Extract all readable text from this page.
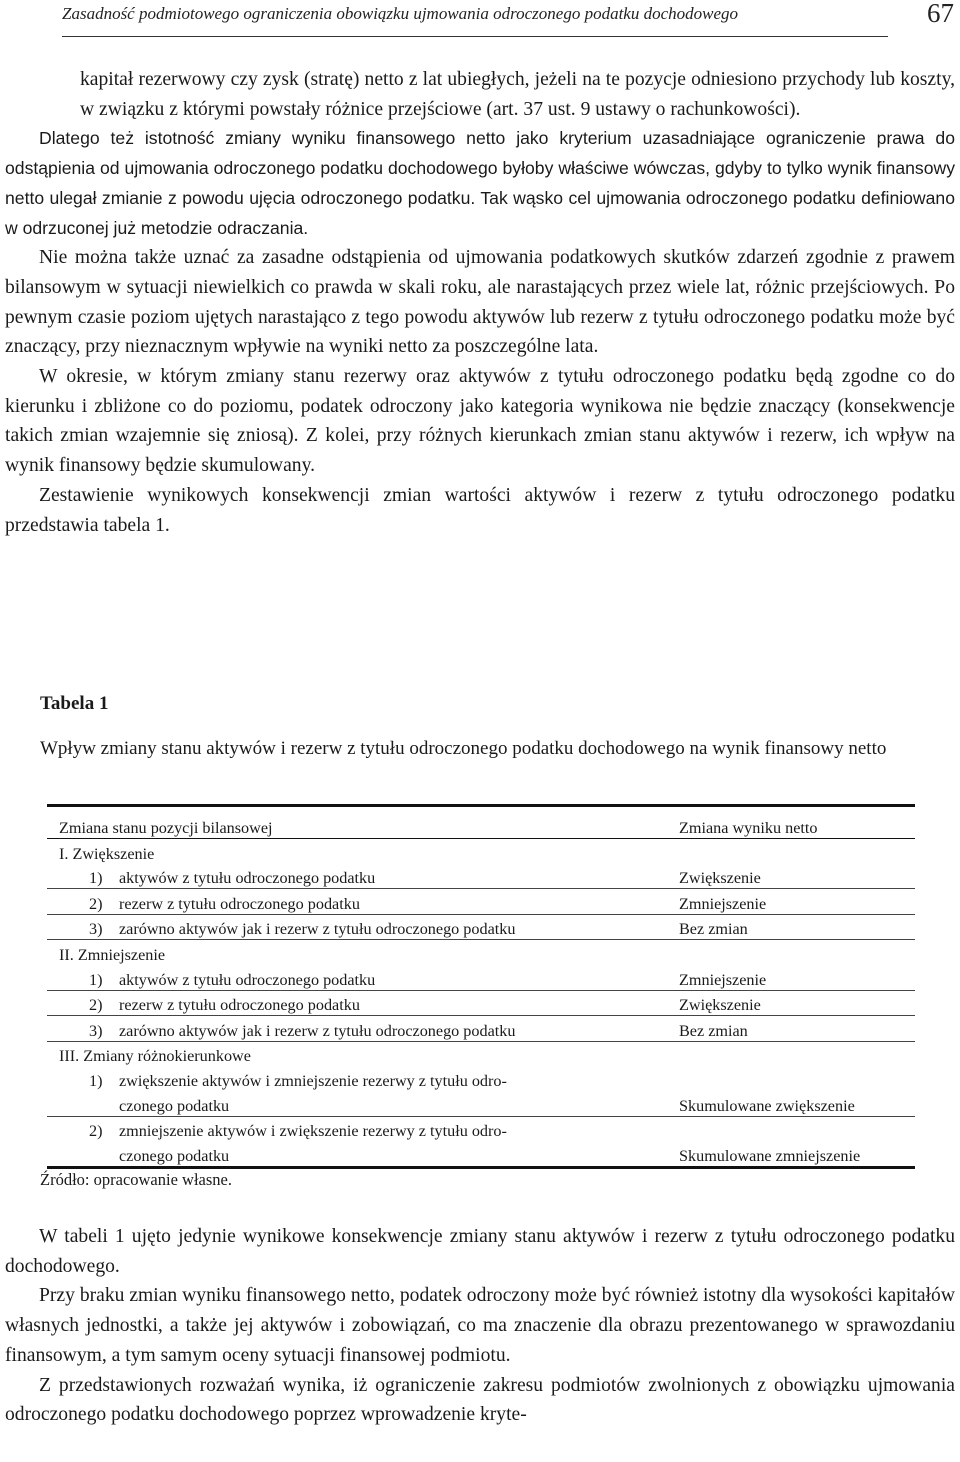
Zasadność podmiotowego ograniczenia obowiązku ujmowania odroczonego podatku dochodowego	67

kapitał rezerwowy czy zysk (stratę) netto z lat ubiegłych, jeżeli na te pozycje odniesiono przychody lub koszty, w związku z którymi powstały różnice przejściowe (art. 37 ust. 9 ustawy o rachunkowości).

Dlatego też istotność zmiany wyniku finansowego netto jako kryterium uzasadniające ograniczenie prawa do odstąpienia od ujmowania odroczonego podatku dochodowego byłoby właściwe wówczas, gdyby to tylko wynik finansowy netto ulegał zmianie z powodu ujęcia odroczonego podatku. Tak wąsko cel ujmowania odroczonego podatku definiowano w odrzuconej już metodzie odraczania.

Nie można także uznać za zasadne odstąpienia od ujmowania podatkowych skutków zdarzeń zgodnie z prawem bilansowym w sytuacji niewielkich co prawda w skali roku, ale narastających przez wiele lat, różnic przejściowych. Po pewnym czasie poziom ujętych narastająco z tego powodu aktywów lub rezerw z tytułu odroczonego podatku może być znaczący, przy nieznacznym wpływie na wyniki netto za poszczególne lata.

W okresie, w którym zmiany stanu rezerwy oraz aktywów z tytułu odroczonego podatku będą zgodne co do kierunku i zbliżone co do poziomu, podatek odroczony jako kategoria wynikowa nie będzie znaczący (konsekwencje takich zmian wzajemnie się zniosą). Z kolei, przy różnych kierunkach zmian stanu aktywów i rezerw, ich wpływ na wynik finansowy będzie skumulowany.

Zestawienie wynikowych konsekwencji zmian wartości aktywów i rezerw z tytułu odroczonego podatku przedstawia tabela 1.

Tabela 1
Wpływ zmiany stanu aktywów i rezerw z tytułu odroczonego podatku dochodowego na wynik finansowy netto
Zmiana stanu pozycji bilansowej	Zmiana wyniku netto
I. Zwiększenie	
1) aktywów z tytułu odroczonego podatku	Zwiększenie
2) rezerw z tytułu odroczonego podatku	Zmniejszenie
3) zarówno aktywów jak i rezerw z tytułu odroczonego podatku	Bez zmian
II. Zmniejszenie	
1) aktywów z tytułu odroczonego podatku	Zmniejszenie
2) rezerw z tytułu odroczonego podatku	Zwiększenie
3) zarówno aktywów jak i rezerw z tytułu odroczonego podatku	Bez zmian
III. Zmiany różnokierunkowe	
1) zwiększenie aktywów i zmniejszenie rezerwy z tytułu odro-	
czonego podatku	Skumulowane zwiększenie
2) zmniejszenie aktywów i zwiększenie rezerwy z tytułu odro-	
czonego podatku	Skumulowane zmniejszenie
Źródło: opracowanie własne.

W tabeli 1 ujęto jedynie wynikowe konsekwencje zmiany stanu aktywów i rezerw z tytułu odroczonego podatku dochodowego.

Przy braku zmian wyniku finansowego netto, podatek odroczony może być również istotny dla wysokości kapitałów własnych jednostki, a także jej aktywów i zobowiązań, co ma znaczenie dla obrazu prezentowanego w sprawozdaniu finansowym, a tym samym oceny sytuacji finansowej podmiotu.

Z przedstawionych rozważań wynika, iż ograniczenie zakresu podmiotów zwolnionych z obowiązku ujmowania odroczonego podatku dochodowego poprzez wprowadzenie kryte-
